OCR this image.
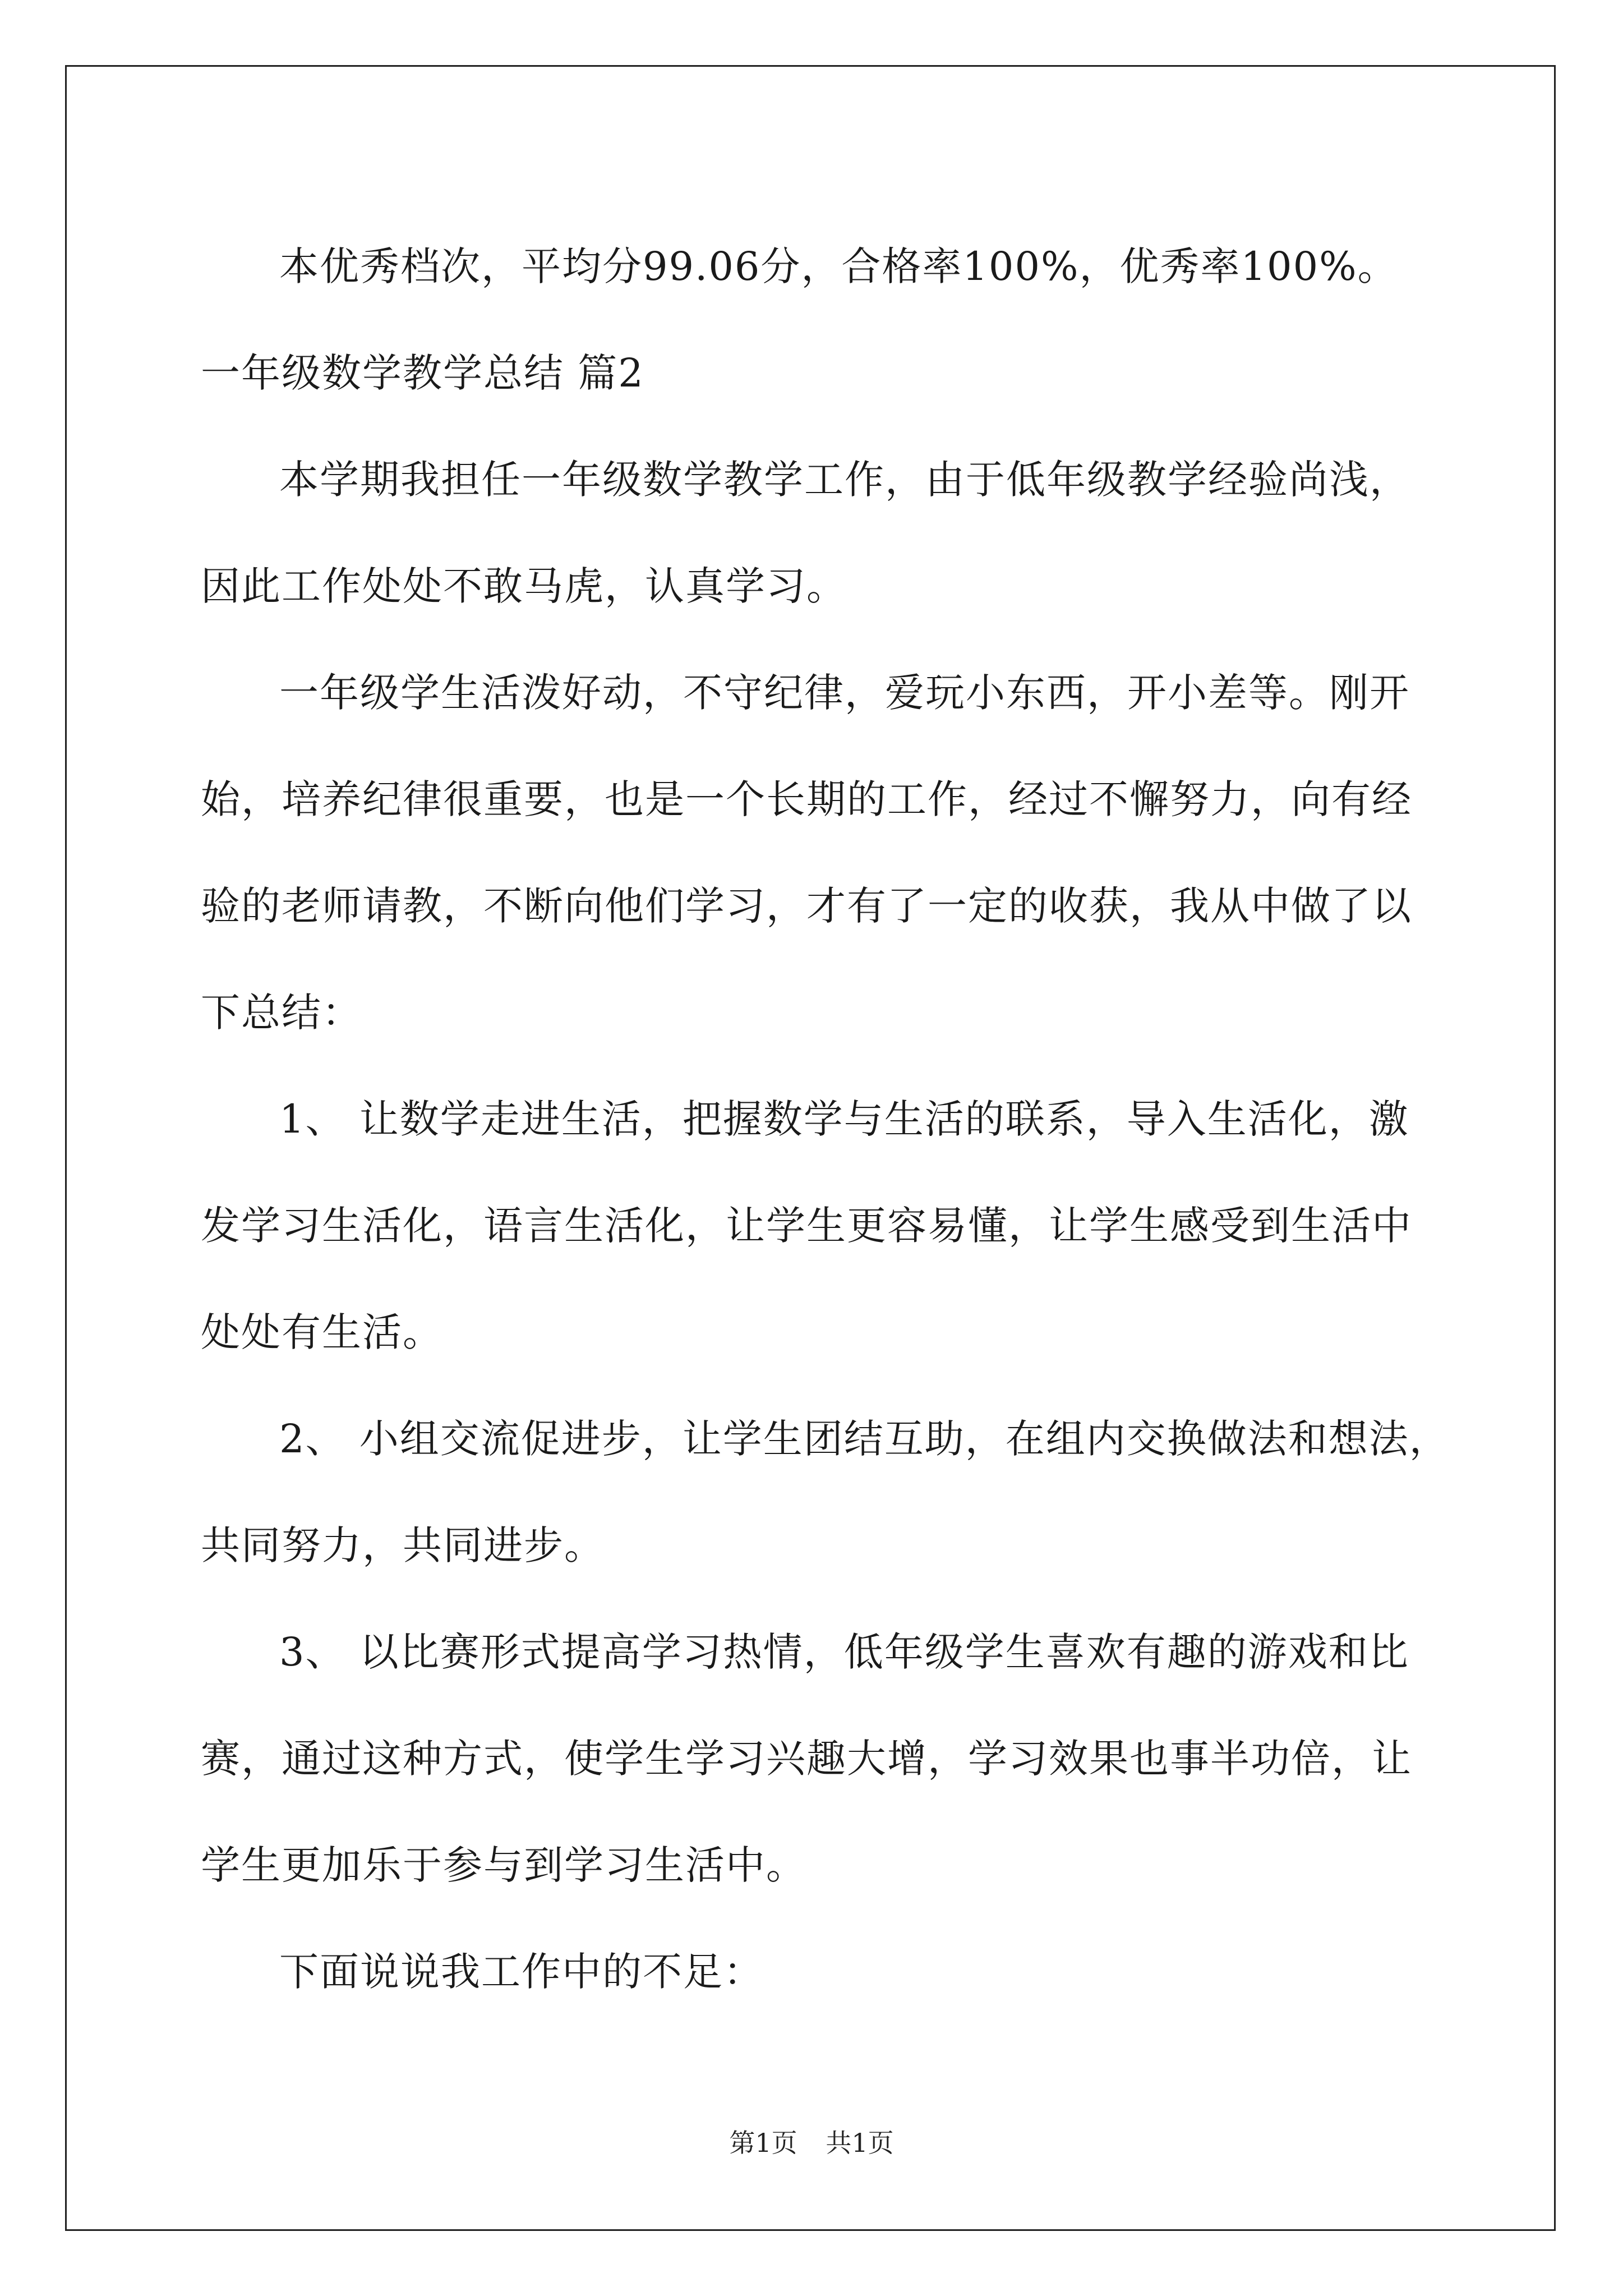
本优秀档次，平均分99.06分，合格率100%，优秀率100%。

一年级数学教学总结 篇2

本学期我担任一年级数学教学工作，由于低年级教学经验尚浅，

因此工作处处不敢马虎，认真学习。

一年级学生活泼好动，不守纪律，爱玩小东西，开小差等。刚开

始，培养纪律很重要，也是一个长期的工作，经过不懈努力，向有经

验的老师请教，不断向他们学习，才有了一定的收获，我从中做了以

下总结：

1、 让数学走进生活，把握数学与生活的联系，导入生活化，激

发学习生活化，语言生活化，让学生更容易懂，让学生感受到生活中

处处有生活。

2、 小组交流促进步，让学生团结互助，在组内交换做法和想法，

共同努力，共同进步。

3、 以比赛形式提高学习热情，低年级学生喜欢有趣的游戏和比

赛，通过这种方式，使学生学习兴趣大增，学习效果也事半功倍，让

学生更加乐于参与到学习生活中。

下面说说我工作中的不足：

第1页 共1页
